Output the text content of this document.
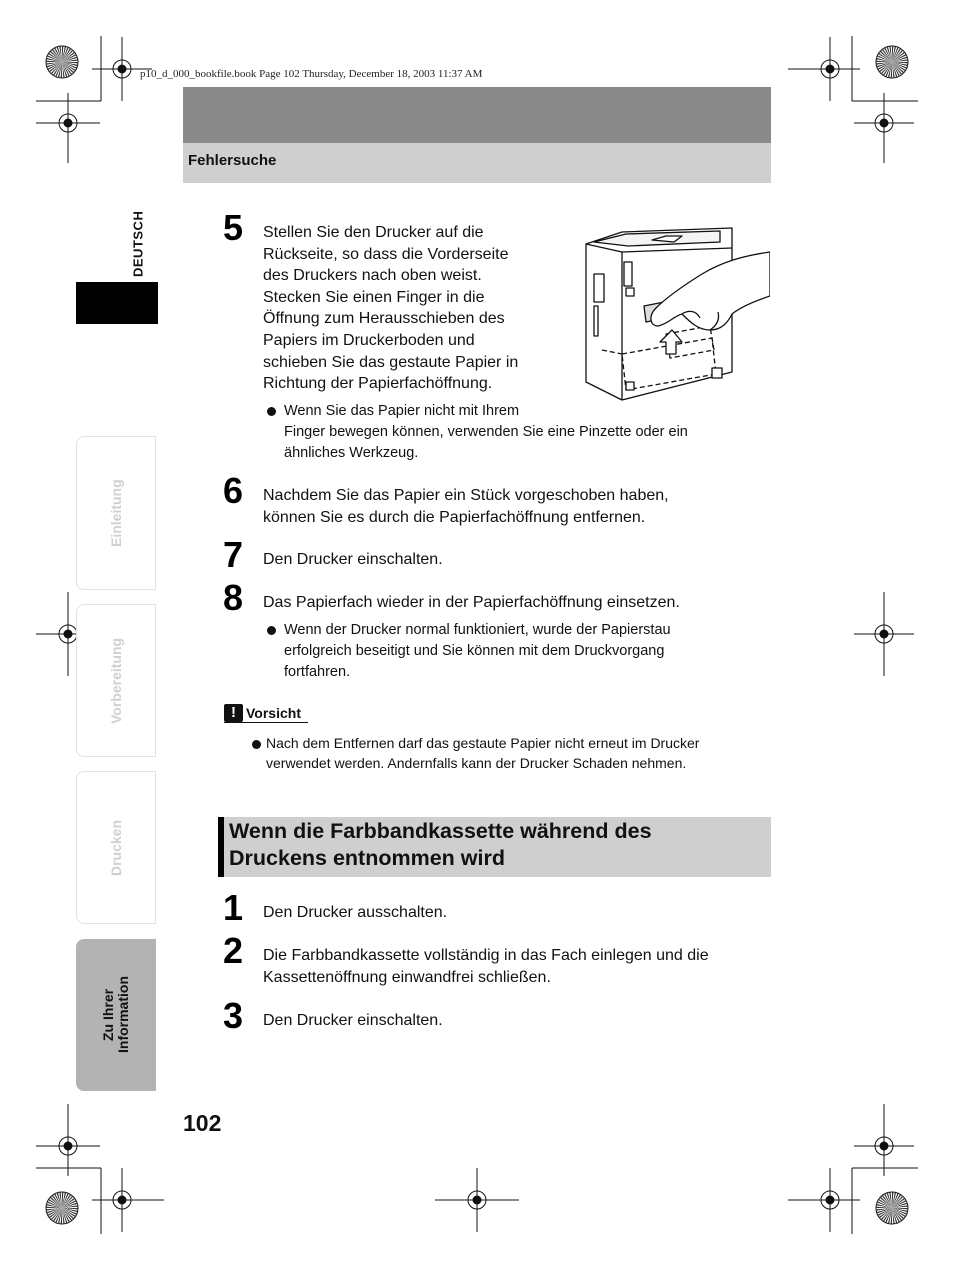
p10_d_000_bookfile.book Page 102 Thursday, December 18, 2003 11:37 AM
Fehlersuche
DEUTSCH
Einleitung
Vorbereitung
Drucken
Zu Ihrer
Information
5 Stellen Sie den Drucker auf die
Rückseite, so dass die Vorderseite
des Druckers nach oben weist.
Stecken Sie einen Finger in die
Öffnung zum Herausschieben des
Papiers im Druckerboden und
schieben Sie das gestaute Papier in
Richtung der Papierfachöffnung.
Wenn Sie das Papier nicht mit Ihrem
Finger bewegen können, verwenden Sie eine Pinzette oder ein
ähnliches Werkzeug.
6 Nachdem Sie das Papier ein Stück vorgeschoben haben,
können Sie es durch die Papierfachöffnung entfernen.
7 Den Drucker einschalten.
8 Das Papierfach wieder in der Papierfachöffnung einsetzen.
Wenn der Drucker normal funktioniert, wurde der Papierstau
erfolgreich beseitigt und Sie können mit dem Druckvorgang
fortfahren.
! Vorsicht
Nach dem Entfernen darf das gestaute Papier nicht erneut im Drucker
verwendet werden. Andernfalls kann der Drucker Schaden nehmen.
Wenn die Farbbandkassette während des
Druckens entnommen wird
1 Den Drucker ausschalten.
2 Die Farbbandkassette vollständig in das Fach einlegen und die
Kassettenöffnung einwandfrei schließen.
3 Den Drucker einschalten.
102
